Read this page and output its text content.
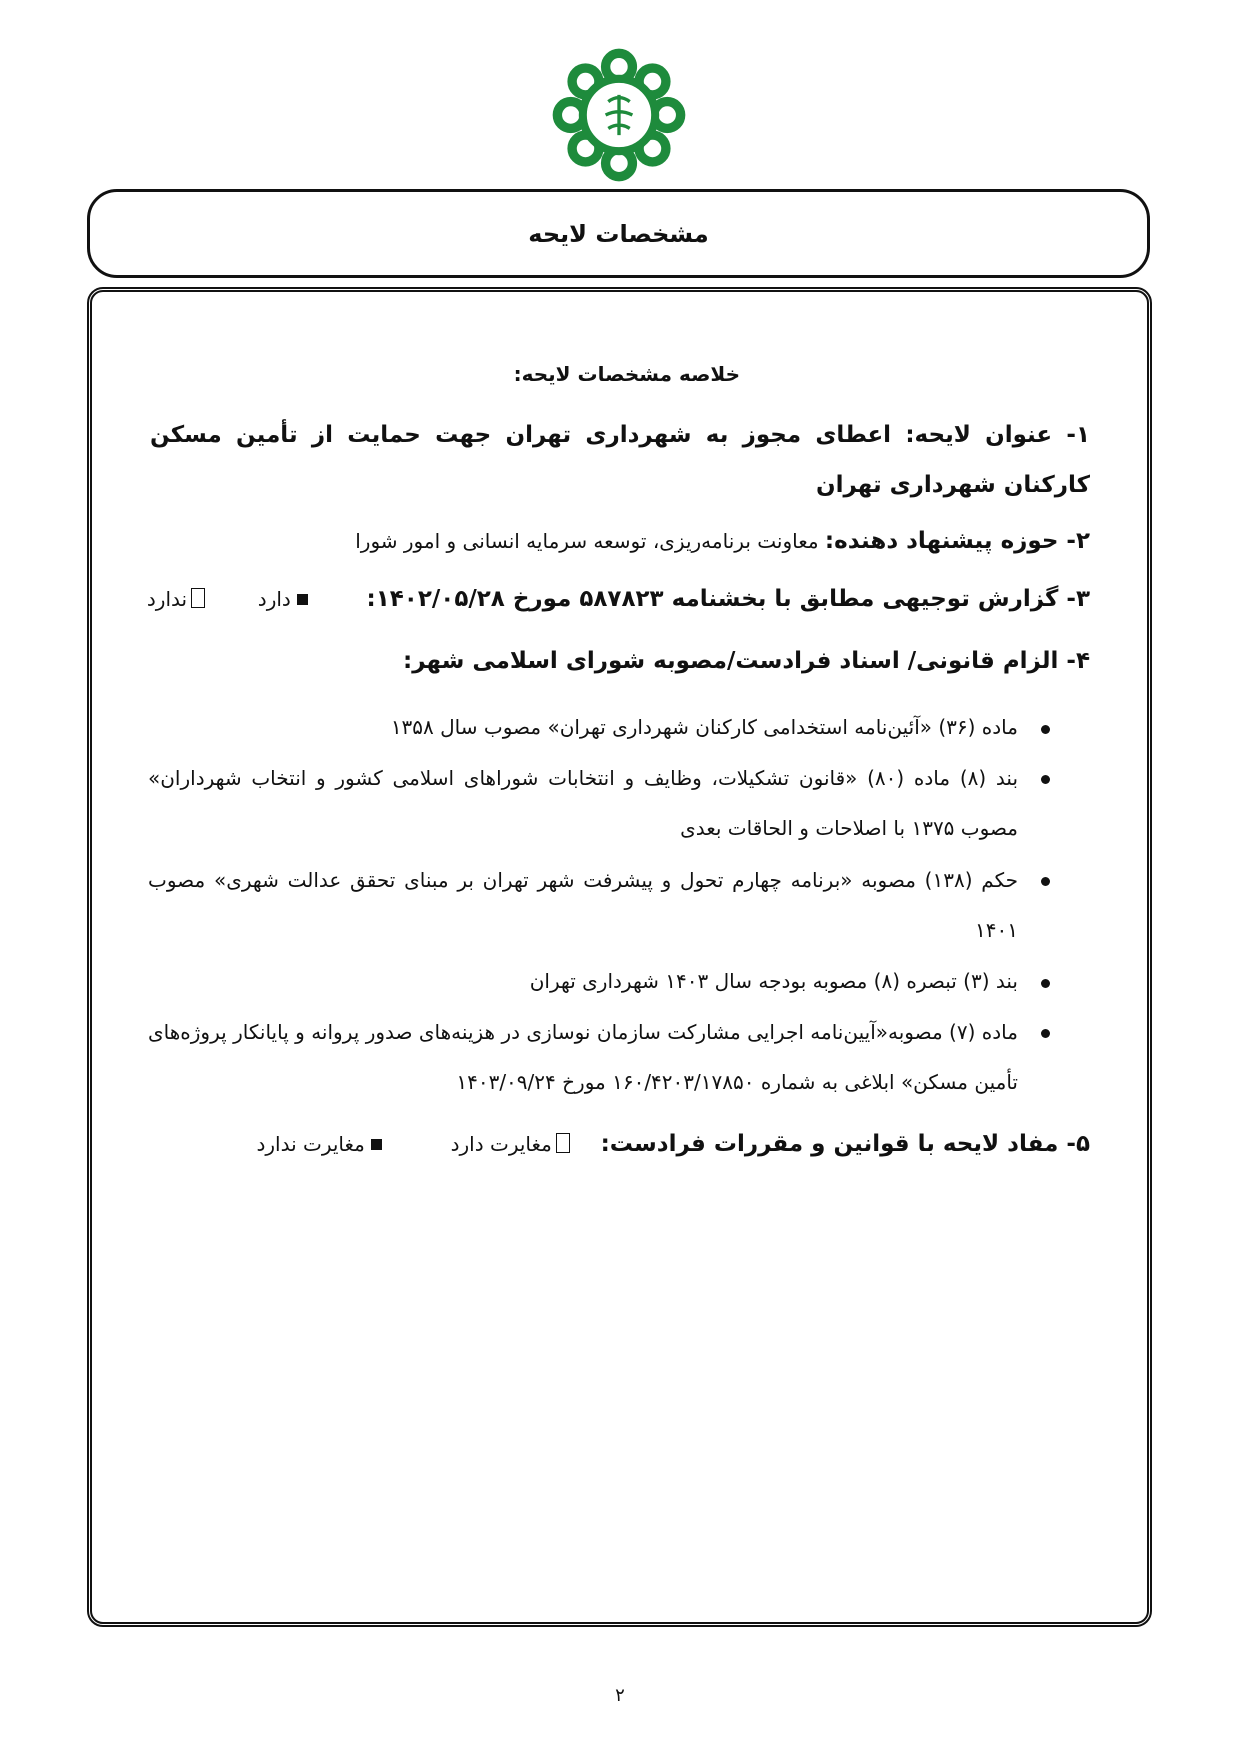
مشخصات لایحه
خلاصه مشخصات لایحه:
۱- عنوان لایحه: اعطای مجوز به شهرداری تهران جهت حمایت از تأمین مسکن کارکنان شهرداری تهران
۲- حوزه پیشنهاد دهنده: معاونت برنامه‌ریزی، توسعه سرمایه انسانی و امور شورا
۳- گزارش توجیهی مطابق با بخشنامه ۵۸۷۸۲۳ مورخ ۱۴۰۲/۰۵/۲۸:  دارد  ندارد
۴- الزام قانونی/ اسناد فرادست/مصوبه شورای اسلامی شهر:
ماده (۳۶) «آئین‌نامه استخدامی کارکنان شهرداری تهران» مصوب سال ۱۳۵۸
بند (۸) ماده (۸۰) «قانون تشکیلات، وظایف و انتخابات شوراهای اسلامی کشور و انتخاب شهرداران» مصوب ۱۳۷۵ با اصلاحات و الحاقات بعدی
حکم (۱۳۸) مصوبه «برنامه چهارم تحول و پیشرفت شهر تهران بر مبنای تحقق عدالت شهری» مصوب ۱۴۰۱
بند (۳) تبصره (۸) مصوبه بودجه سال ۱۴۰۳ شهرداری تهران
ماده (۷) مصوبه«آیین‌نامه اجرایی مشارکت سازمان نوسازی در هزینه‌های صدور پروانه و پایانکار پروژه‌های تأمین مسکن» ابلاغی به شماره ۱۶۰/۴۲۰۳/۱۷۸۵۰ مورخ ۱۴۰۳/۰۹/۲۴
۵- مفاد لایحه با قوانین و مقررات فرادست:  مغایرت دارد  مغایرت ندارد
۲
